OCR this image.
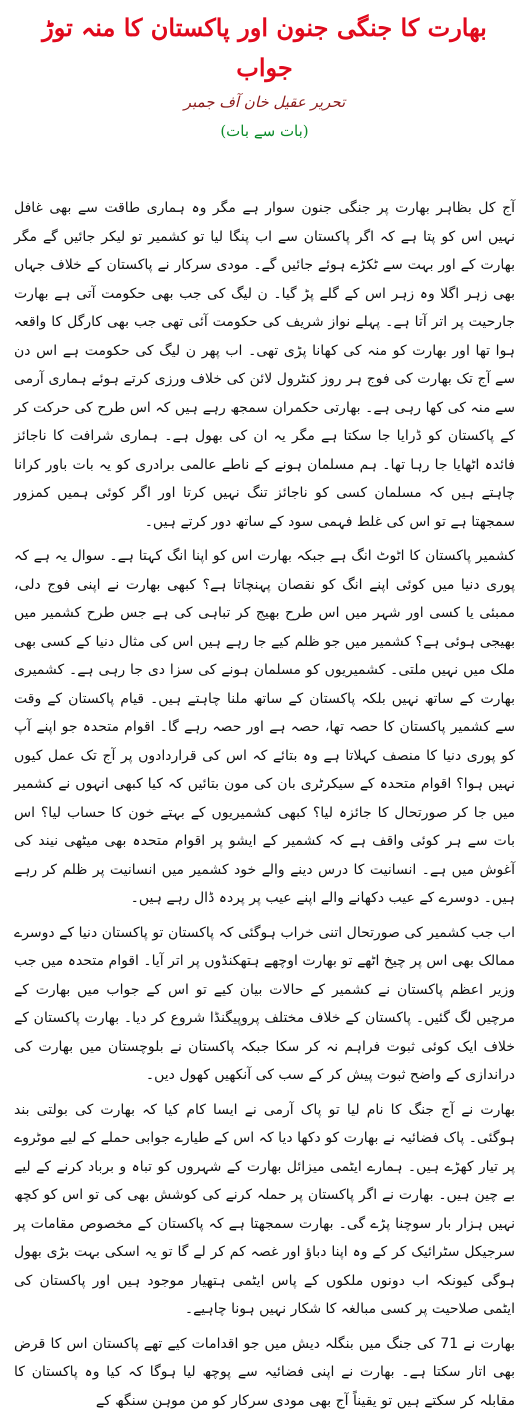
بھارت کا جنگی جنون اور پاکستان کا منہ توڑ جواب

تحریر عقیل خان آف جمبر

(بات سے بات)

آج کل بظاہر بھارت پر جنگی جنون سوار ہے مگر وہ ہماری طاقت سے بھی غافل نہیں اس کو پتا ہے کہ اگر پاکستان سے اب پنگا لیا تو کشمیر تو لیکر جائیں گے مگر بھارت کے اور بہت سے ٹکڑے ہوئے جائیں گے۔ مودی سرکار نے پاکستان کے خلاف جہاں بھی زہر اگلا وہ زہر اس کے گلے پڑ گیا۔ ن لیگ کی جب بھی حکومت آتی ہے بھارت جارحیت پر اتر آتا ہے۔ پہلے نواز شریف کی حکومت آئی تھی جب بھی کارگل کا واقعہ ہوا تھا اور بھارت کو منہ کی کھانا پڑی تھی۔ اب پھر ن لیگ کی حکومت ہے اس دن سے آج تک بھارت کی فوج ہر روز کنٹرول لائن کی خلاف ورزی کرتے ہوئے ہماری آرمی سے منہ کی کھا رہی ہے۔ بھارتی حکمران سمجھ رہے ہیں کہ اس طرح کی حرکت کر کے پاکستان کو ڈرایا جا سکتا ہے مگر یہ ان کی بھول ہے۔ ہماری شرافت کا ناجائز فائدہ اٹھایا جا رہا تھا۔ ہم مسلمان ہونے کے ناطے عالمی برادری کو یہ بات باور کرانا چاہتے ہیں کہ مسلمان کسی کو ناجائز تنگ نہیں کرتا اور اگر کوئی ہمیں کمزور سمجھتا ہے تو اس کی غلط فہمی سود کے ساتھ دور کرتے ہیں۔

کشمیر پاکستان کا اٹوٹ انگ ہے جبکہ بھارت اس کو اپنا انگ کہتا ہے۔ سوال یہ ہے کہ پوری دنیا میں کوئی اپنے انگ کو نقصان پہنچاتا ہے؟ کبھی بھارت نے اپنی فوج دلی، ممبئی یا کسی اور شہر میں اس طرح بھیج کر تباہی کی ہے جس طرح کشمیر میں بھیجی ہوئی ہے؟ کشمیر میں جو ظلم کیے جا رہے ہیں اس کی مثال دنیا کے کسی بھی ملک میں نہیں ملتی۔ کشمیریوں کو مسلمان ہونے کی سزا دی جا رہی ہے۔ کشمیری بھارت کے ساتھ نہیں بلکہ پاکستان کے ساتھ ملنا چاہتے ہیں۔ قیام پاکستان کے وقت سے کشمیر پاکستان کا حصہ تھا، حصہ ہے اور حصہ رہے گا۔ اقوام متحدہ جو اپنے آپ کو پوری دنیا کا منصف کہلاتا ہے وہ بتائے کہ اس کی قراردادوں پر آج تک عمل کیوں نہیں ہوا؟ اقوام متحدہ کے سیکرٹری بان کی مون بتائیں کہ کیا کبھی انہوں نے کشمیر میں جا کر صورتحال کا جائزہ لیا؟ کبھی کشمیریوں کے بہتے خون کا حساب لیا؟ اس بات سے ہر کوئی واقف ہے کہ کشمیر کے ایشو پر اقوام متحدہ بھی میٹھی نیند کی آغوش میں ہے۔ انسانیت کا درس دینے والے خود کشمیر میں انسانیت پر ظلم کر رہے ہیں۔ دوسرے کے عیب دکھانے والے اپنے عیب پر پردہ ڈال رہے ہیں۔

اب جب کشمیر کی صورتحال اتنی خراب ہوگئی کہ پاکستان تو پاکستان دنیا کے دوسرے ممالک بھی اس پر چیخ اٹھے تو بھارت اوچھے ہتھکنڈوں پر اتر آیا۔ اقوام متحدہ میں جب وزیر اعظم پاکستان نے کشمیر کے حالات بیان کیے تو اس کے جواب میں بھارت کے مرچیں لگ گئیں۔ پاکستان کے خلاف مختلف پروپیگنڈا شروع کر دیا۔ بھارت پاکستان کے خلاف ایک کوئی ثبوت فراہم نہ کر سکا جبکہ پاکستان نے بلوچستان میں بھارت کی دراندازی کے واضح ثبوت پیش کر کے سب کی آنکھیں کھول دیں۔

بھارت نے آج جنگ کا نام لیا تو پاک آرمی نے ایسا کام کیا کہ بھارت کی بولتی بند ہوگئی۔ پاک فضائیہ نے بھارت کو دکھا دیا کہ اس کے طیارے جوابی حملے کے لیے موٹروے پر تیار کھڑے ہیں۔ ہمارے ایٹمی میزائل بھارت کے شہروں کو تباہ و برباد کرنے کے لیے بے چین ہیں۔ بھارت نے اگر پاکستان پر حملہ کرنے کی کوشش بھی کی تو اس کو کچھ نہیں ہزار بار سوچنا پڑے گی۔ بھارت سمجھتا ہے کہ پاکستان کے مخصوص مقامات پر سرجیکل سٹرائیک کر کے وہ اپنا دباؤ اور غصہ کم کر لے گا تو یہ اسکی بہت بڑی بھول ہوگی کیونکہ اب دونوں ملکوں کے پاس ایٹمی ہتھیار موجود ہیں اور پاکستان کی ایٹمی صلاحیت پر کسی مبالغہ کا شکار نہیں ہونا چاہیے۔

بھارت نے 71 کی جنگ میں بنگلہ دیش میں جو اقدامات کیے تھے پاکستان اس کا قرض بھی اتار سکتا ہے۔ بھارت نے اپنی فضائیہ سے پوچھ لیا ہوگا کہ کیا وہ پاکستان کا مقابلہ کر سکتے ہیں تو یقیناً آج بھی مودی سرکار کو من موہن سنگھ کے
